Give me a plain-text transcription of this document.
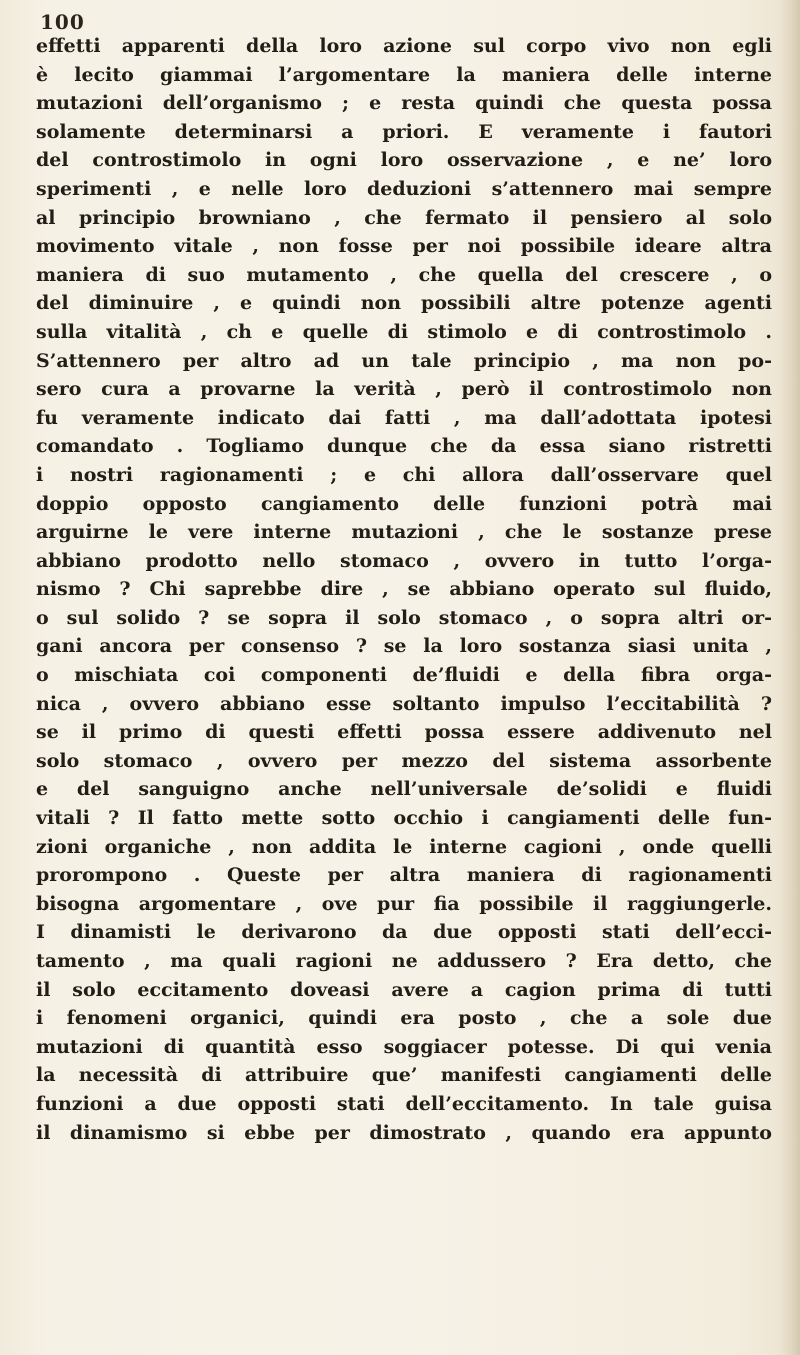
100
effetti apparenti della loro azione sul corpo vivo non egli
è lecito giammai l’argomentare la maniera delle interne
mutazioni dell’organismo ; e resta quindi che questa possa
solamente determinarsi a priori. E veramente i fautori
del controstimolo in ogni loro osservazione , e ne’ loro
sperimenti , e nelle loro deduzioni s’attennero mai sempre
al principio browniano , che fermato il pensiero al solo
movimento vitale , non fosse per noi possibile ideare altra
maniera di suo mutamento , che quella del crescere , o
del diminuire , e quindi non possibili altre potenze agenti
sulla vitalità , ch e quelle di stimolo e di controstimolo .
S’attennero per altro ad un tale principio , ma non po-
sero cura a provarne la verità , però il controstimolo non
fu veramente indicato dai fatti , ma dall’adottata ipotesi
comandato . Togliamo dunque che da essa siano ristretti
i nostri ragionamenti ; e chi allora dall’osservare quel
doppio opposto cangiamento delle funzioni potrà mai
arguirne le vere interne mutazioni , che le sostanze prese
abbiano prodotto nello stomaco , ovvero in tutto l’orga-
nismo ? Chi saprebbe dire , se abbiano operato sul fluido,
o sul solido ? se sopra il solo stomaco , o sopra altri or-
gani ancora per consenso ? se la loro sostanza siasi unita ,
o mischiata coi componenti de’fluidi e della fibra orga-
nica , ovvero abbiano esse soltanto impulso l’eccitabilità ?
se il primo di questi effetti possa essere addivenuto nel
solo stomaco , ovvero per mezzo del sistema assorbente
e del sanguigno anche nell’universale de’solidi e fluidi
vitali ? Il fatto mette sotto occhio i cangiamenti delle fun-
zioni organiche , non addita le interne cagioni , onde quelli
prorompono . Queste per altra maniera di ragionamenti
bisogna argomentare , ove pur fia possibile il raggiungerle.
I dinamisti le derivarono da due opposti stati dell’ecci-
tamento , ma quali ragioni ne addussero ? Era detto, che
il solo eccitamento doveasi avere a cagion prima di tutti
i fenomeni organici, quindi era posto , che a sole due
mutazioni di quantità esso soggiacer potesse. Di qui venia
la necessità di attribuire que’ manifesti cangiamenti delle
funzioni a due opposti stati dell’eccitamento. In tale guisa
il dinamismo si ebbe per dimostrato , quando era appunto
